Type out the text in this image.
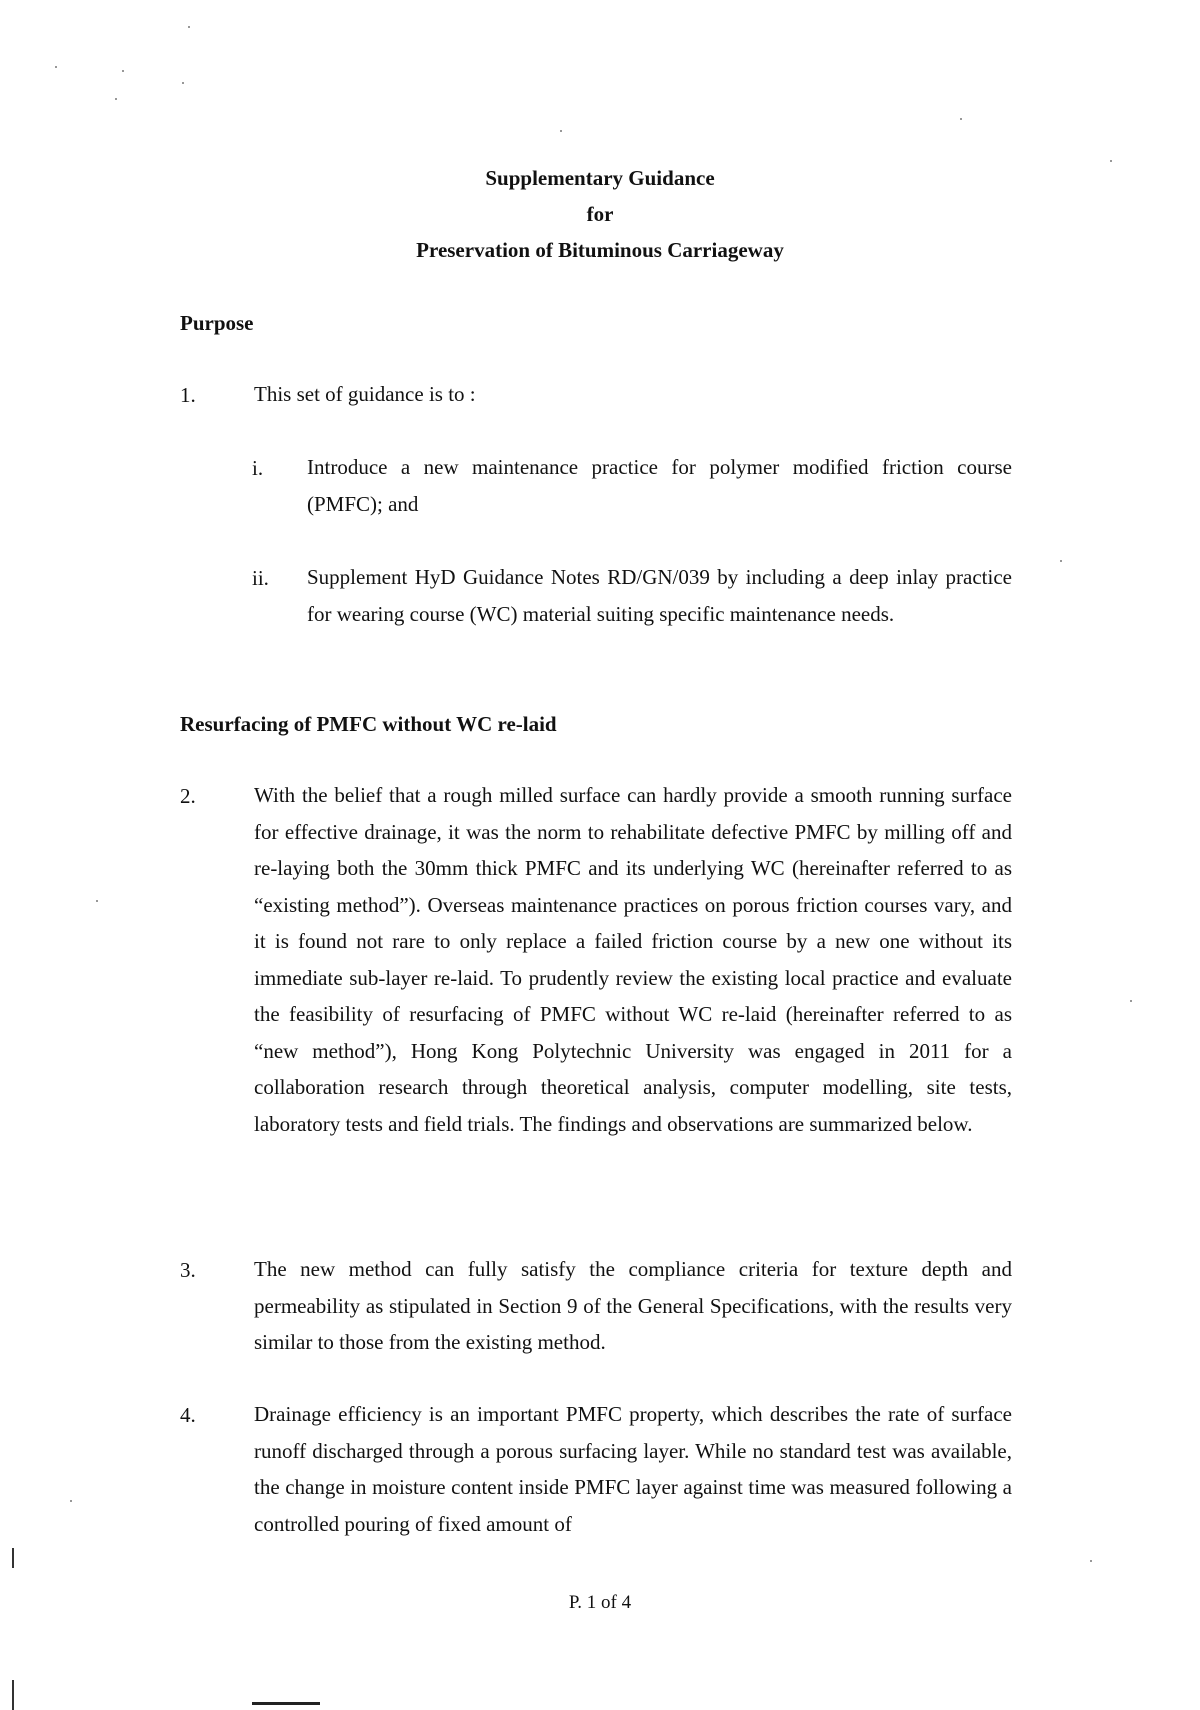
Supplementary Guidance
for
Preservation of Bituminous Carriageway
Purpose
1.	This set of guidance is to :

i. Introduce a new maintenance practice for polymer modified friction course (PMFC); and

ii. Supplement HyD Guidance Notes RD/GN/039 by including a deep inlay practice for wearing course (WC) material suiting specific maintenance needs.

Resurfacing of PMFC without WC re-laid
2.	With the belief that a rough milled surface can hardly provide a smooth running surface for effective drainage, it was the norm to rehabilitate defective PMFC by milling off and re-laying both the 30mm thick PMFC and its underlying WC (hereinafter referred to as “existing method”). Overseas maintenance practices on porous friction courses vary, and it is found not rare to only replace a failed friction course by a new one without its immediate sub-layer re-laid. To prudently review the existing local practice and evaluate the feasibility of resurfacing of PMFC without WC re-laid (hereinafter referred to as “new method”), Hong Kong Polytechnic University was engaged in 2011 for a collaboration research through theoretical analysis, computer modelling, site tests, laboratory tests and field trials. The findings and observations are summarized below.

3.	The new method can fully satisfy the compliance criteria for texture depth and permeability as stipulated in Section 9 of the General Specifications, with the results very similar to those from the existing method.

4.	Drainage efficiency is an important PMFC property, which describes the rate of surface runoff discharged through a porous surfacing layer. While no standard test was available, the change in moisture content inside PMFC layer against time was measured following a controlled pouring of fixed amount of

P. 1 of 4
